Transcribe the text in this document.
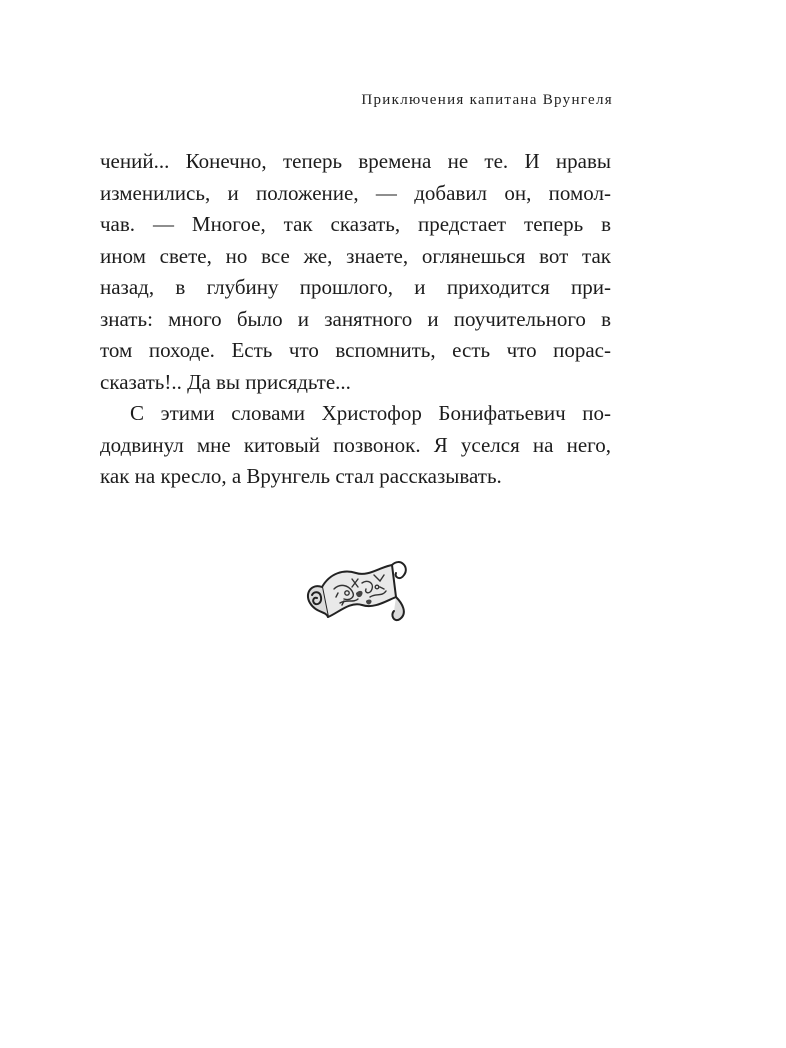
Приключения капитана Врунгеля
чений... Конечно, теперь времена не те. И нравы
изменились, и положение, — добавил он, помол-
чав. — Многое, так сказать, предстает теперь в
ином свете, но все же, знаете, оглянешься вот так
назад, в глубину прошлого, и приходится при-
знать: много было и занятного и поучительного в
том походе. Есть что вспомнить, есть что порас-
сказать!.. Да вы присядьте...
С этими словами Христофор Бонифатьевич по-
додвинул мне китовый позвонок. Я уселся на него,
как на кресло, а Врунгель стал рассказывать.
